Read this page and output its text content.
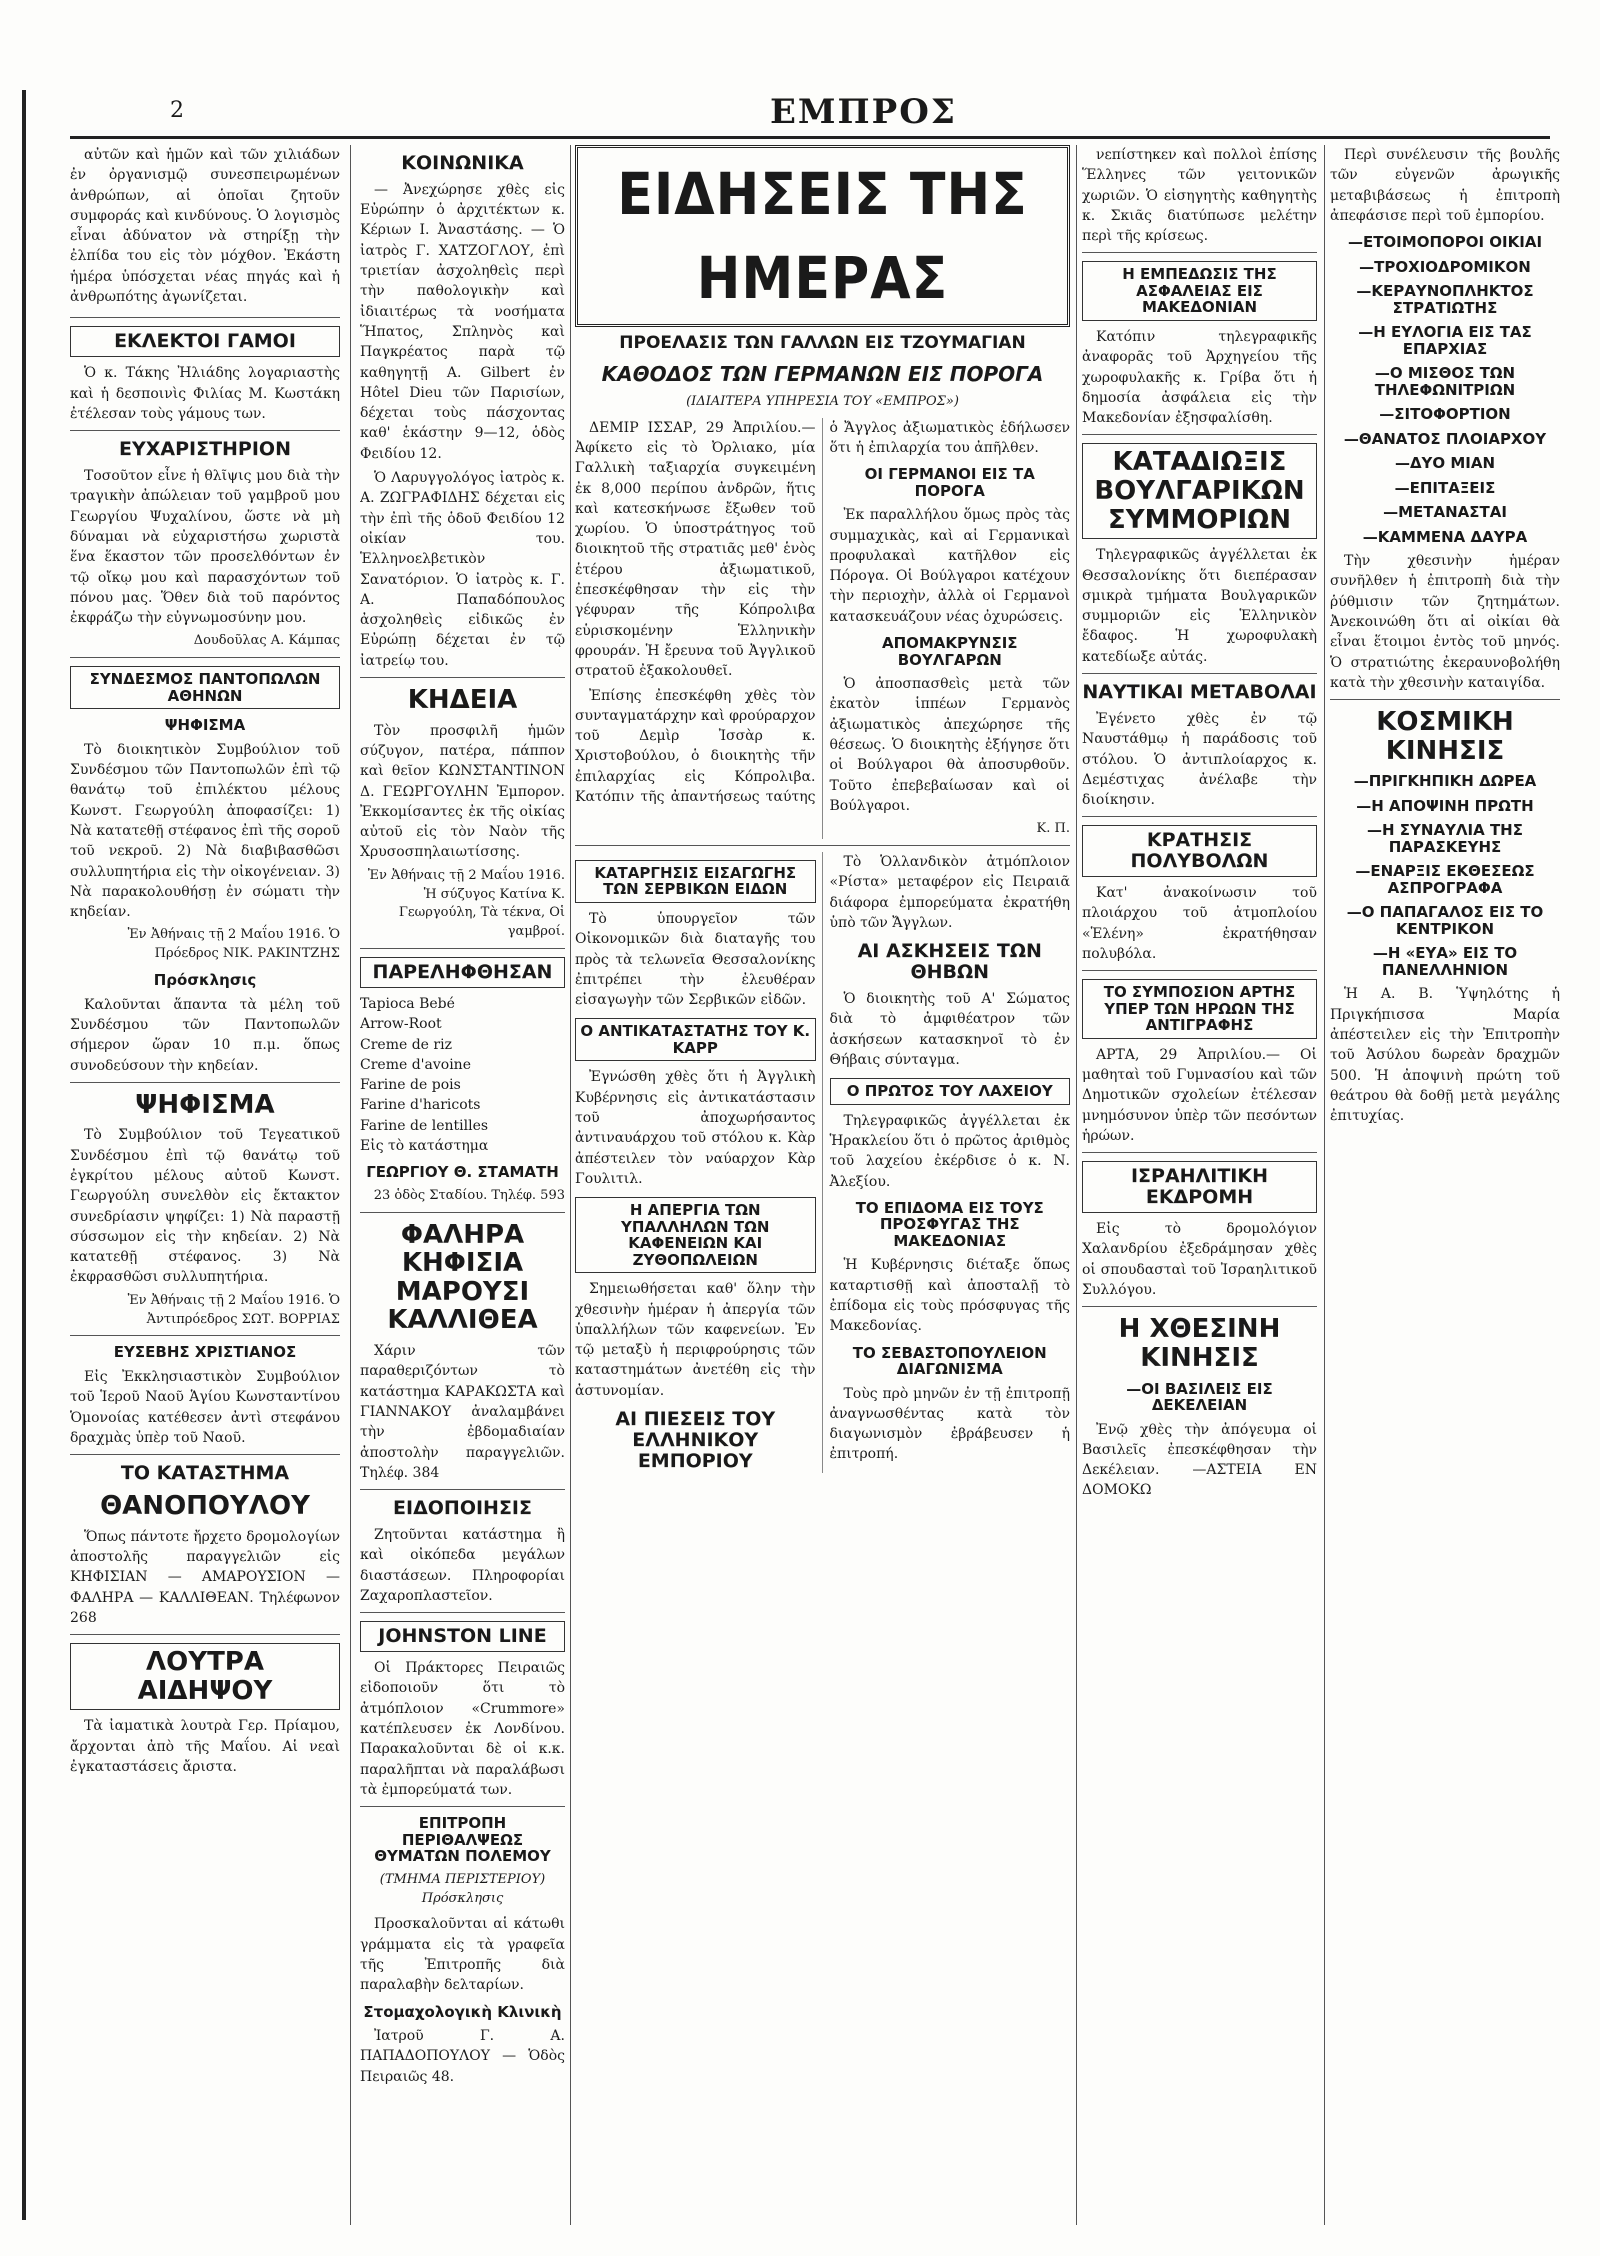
2	ΕΜΠΡΟΣ

αὐτῶν καὶ ἡμῶν καὶ τῶν χιλιάδων ἐν ὀργανισμῷ συνεσπειρωμένων ἀνθρώπων, αἱ ὁποῖαι ζητοῦν συμφοράς καὶ κινδύνους. Ὁ λογισμὸς εἶναι ἀδύνατον νὰ στηρίξῃ τὴν ἐλπίδα του εἰς τὸν μόχθον. Ἐκάστη ἡμέρα ὑπόσχεται νέας πηγάς καὶ ἡ ἀνθρωπότης ἀγωνίζεται.

ΕΚΛΕΚΤΟΙ ΓΑΜΟΙ

Ὁ κ. Τάκης Ἠλιάδης λογαριαστὴς καὶ ἡ δεσποινὶς Φιλίας Μ. Κωστάκη ἐτέλεσαν τοὺς γάμους των.

ΕΥΧΑΡΙΣΤΗΡΙΟΝ

Τοσοῦτον εἶνε ἡ θλῖψις μου διὰ τὴν τραγικὴν ἀπώλειαν τοῦ γαμβροῦ μου Γεωργίου Ψυχαλίνου, ὥστε νὰ μὴ δύναμαι νὰ εὐχαριστήσω χωριστὰ ἕνα ἕκαστον τῶν προσελθόντων ἐν τῷ οἴκῳ μου καὶ παρασχόντων τοῦ πόνου μας. Ὅθεν διὰ τοῦ παρόντος ἐκφράζω τὴν εὐγνωμοσύνην μου.

Δουδοῦλας Α. Κάμπας
ΣΥΝΔΕΣΜΟΣ ΠΑΝΤΟΠΩΛΩΝ ΑΘΗΝΩΝ
ΨΗΦΙΣΜΑ

Τὸ διοικητικὸν Συμβούλιον τοῦ Συνδέσμου τῶν Παντοπωλῶν ἐπὶ τῷ θανάτῳ τοῦ ἐπιλέκτου μέλους Κωνστ. Γεωργούλη ἀποφασίζει: 1) Νὰ κατατεθῇ στέφανος ἐπὶ τῆς σοροῦ τοῦ νεκροῦ. 2) Νὰ διαβιβασθῶσι συλλυπητήρια εἰς τὴν οἰκογένειαν. 3) Νὰ παρακολουθήσῃ ἐν σώματι τὴν κηδείαν.

Ἐν Ἀθήναις τῇ 2 Μαΐου 1916. Ὁ Πρόεδρος ΝΙΚ. ΡΑΚΙΝΤΖΗΣ
Πρόσκλησις

Καλοῦνται ἅπαντα τὰ μέλη τοῦ Συνδέσμου τῶν Παντοπωλῶν σήμερον ὥραν 10 π.μ. ὅπως συνοδεύσουν τὴν κηδείαν.

ΨΗΦΙΣΜΑ

Τὸ Συμβούλιον τοῦ Τεγεατικοῦ Συνδέσμου ἐπὶ τῷ θανάτῳ τοῦ ἐγκρίτου μέλους αὐτοῦ Κωνστ. Γεωργούλη συνελθὸν εἰς ἔκτακτον συνεδρίασιν ψηφίζει: 1) Νὰ παραστῇ σύσσωμον εἰς τὴν κηδείαν. 2) Νὰ κατατεθῇ στέφανος. 3) Νὰ ἐκφρασθῶσι συλλυπητήρια.

Ἐν Ἀθήναις τῇ 2 Μαΐου 1916. Ὁ Ἀντιπρόεδρος ΣΩΤ. ΒΟΡΡΙΑΣ
ΕΥΣΕΒΗΣ ΧΡΙΣΤΙΑΝΟΣ

Εἰς Ἐκκλησιαστικὸν Συμβούλιον τοῦ Ἱεροῦ Ναοῦ Ἁγίου Κωνσταντίνου Ὁμονοίας κατέθεσεν ἀντὶ στεφάνου δραχμὰς ὑπὲρ τοῦ Ναοῦ.

ΤΟ ΚΑΤΑΣΤΗΜΑ
ΘΑΝΟΠΟΥΛΟΥ

Ὅπως πάντοτε ἤρχετο δρομολογίων ἀποστολῆς παραγγελιῶν εἰς ΚΗΦΙΣΙΑΝ — ΑΜΑΡΟΥΣΙΟΝ — ΦΑΛΗΡΑ — ΚΑΛΛΙΘΕΑΝ. Τηλέφωνον 268

ΛΟΥΤΡΑ ΑΙΔΗΨΟΥ

Τὰ ἰαματικὰ λουτρὰ Γερ. Πρίαμου, ἄρχονται ἀπὸ τῆς Μαΐου. Αἱ νεαὶ ἐγκαταστάσεις ἄριστα.

ΚΟΙΝΩΝΙΚΑ

— Ἀνεχώρησε χθὲς εἰς Εὐρώπην ὁ ἀρχιτέκτων κ. Κέριων Ι. Ἀναστάσης. — Ὁ ἰατρὸς Γ. ΧΑΤΖΟΓΛΟΥ, ἐπὶ τριετίαν ἀσχοληθεὶς περὶ τὴν παθολογικὴν καὶ ἰδιαιτέρως τὰ νοσήματα Ἥπατος, Σπληνὸς καὶ Παγκρέατος παρὰ τῷ καθηγητῇ A. Gilbert ἐν Hôtel Dieu τῶν Παρισίων, δέχεται τοὺς πάσχοντας καθ' ἑκάστην 9—12, ὁδὸς Φειδίου 12.

Ὁ Λαρυγγολόγος ἰατρὸς κ. Α. ΖΩΓΡΑΦΙΔΗΣ δέχεται εἰς τὴν ἐπὶ τῆς ὁδοῦ Φειδίου 12 οἰκίαν του. Ἑλληνοελβετικὸν Σανατόριον. Ὁ ἰατρὸς κ. Γ. Α. Παπαδόπουλος ἀσχοληθεὶς εἰδικῶς ἐν Εὐρώπῃ δέχεται ἐν τῷ ἰατρείῳ του.

ΚΗΔΕΙΑ

Τὸν προσφιλῆ ἡμῶν σύζυγον, πατέρα, πάππον καὶ θεῖον ΚΩΝΣΤΑΝΤΙΝΟΝ Δ. ΓΕΩΡΓΟΥΛΗΝ Ἐμπορον. Ἐκκομίσαντες ἐκ τῆς οἰκίας αὐτοῦ εἰς τὸν Ναὸν τῆς Χρυσοσπηλαιωτίσσης.

Ἐν Ἀθήναις τῇ 2 Μαΐου 1916. Ἡ σύζυγος Κατίνα Κ. Γεωργούλη, Τὰ τέκνα, Οἱ γαμβροί.
ΠΑΡΕΛΗΦΘΗΣΑΝ
Tapioca Bebé
Arrow-Root
Creme de riz
Creme d'avoine
Farine de pois
Farine d'haricots
Farine de lentilles
Εἰς τὸ κατάστημα
ΓΕΩΡΓΙΟΥ Θ. ΣΤΑΜΑΤΗ
23 ὁδὸς Σταδίου. Τηλέφ. 593
ΦΑΛΗΡΑ ΚΗΦΙΣΙΑ ΜΑΡΟΥΣΙ ΚΑΛΛΙΘΕΑ

Χάριν τῶν παραθεριζόντων τὸ κατάστημα ΚΑΡΑΚΩΣΤΑ καὶ ΓΙΑΝΝΑΚΟΥ ἀναλαμβάνει τὴν ἐβδομαδιαίαν ἀποστολὴν παραγγελιῶν. Τηλέφ. 384

ΕΙΔΟΠΟΙΗΣΙΣ

Ζητοῦνται κατάστημα ἢ καὶ οἰκόπεδα μεγάλων διαστάσεων. Πληροφορίαι Ζαχαροπλαστεῖον.

JOHNSTON LINE

Οἱ Πράκτορες Πειραιῶς εἰδοποιοῦν ὅτι τὸ ἀτμόπλοιον «Crummore» κατέπλευσεν ἐκ Λονδίνου. Παρακαλοῦνται δὲ οἱ κ.κ. παραλῆπται νὰ παραλάβωσι τὰ ἐμπορεύματά των.

ΕΠΙΤΡΟΠΗ ΠΕΡΙΘΑΛΨΕΩΣ ΘΥΜΑΤΩΝ ΠΟΛΕΜΟΥ
(ΤΜΗΜΑ ΠΕΡΙΣΤΕΡΙΟΥ) Πρόσκλησις

Προσκαλοῦνται αἱ κάτωθι γράμματα εἰς τὰ γραφεῖα τῆς Ἐπιτροπῆς διὰ παραλαβὴν δελταρίων.

Στομαχολογικὴ Κλινικὴ

Ἰατροῦ Γ. Α. ΠΑΠΑΔΟΠΟΥΛΟΥ — Ὁδὸς Πειραιῶς 48.

ΕΙΔΗΣΕΙΣ ΤΗΣ ΗΜΕΡΑΣ
ΠΡΟΕΛΑΣΙΣ ΤΩΝ ΓΑΛΛΩΝ ΕΙΣ ΤΖΟΥΜΑΓΙΑΝ
ΚΑΘΟΔΟΣ ΤΩΝ ΓΕΡΜΑΝΩΝ ΕΙΣ ΠΟΡΟΓΑ
(ΙΔΙΑΙΤΕΡΑ ΥΠΗΡΕΣΙΑ ΤΟΥ «ΕΜΠΡΟΣ»)

ΔΕΜΙΡ ΙΣΣΑΡ, 29 Ἀπριλίου.—Ἀφίκετο εἰς τὸ Ὀρλιακο, μία Γαλλικὴ ταξιαρχία συγκειμένη ἐκ 8,000 περίπου ἀνδρῶν, ἥτις καὶ κατεσκήνωσε ἔξωθεν τοῦ χωρίου. Ὁ ὑποστράτηγος τοῦ διοικητοῦ τῆς στρατιᾶς μεθ' ἑνὸς ἑτέρου ἀξιωματικοῦ, ἐπεσκέφθησαν τὴν εἰς τὴν γέφυραν τῆς Κόπρολιβα εὑρισκομένην Ἑλληνικὴν φρουράν. Ἡ ἔρευνα τοῦ Ἀγγλικοῦ στρατοῦ ἐξακολουθεῖ.

Ἐπίσης ἐπεσκέφθη χθὲς τὸν συνταγματάρχην καὶ φρούραρχον τοῦ Δεμὶρ Ἰσσὰρ κ. Χριστοβούλου, ὁ διοικητὴς τῆν ἐπιλαρχίας εἰς Κόπρολιβα. Κατόπιν τῆς ἀπαντήσεως ταύτης ὁ Ἄγγλος ἀξιωματικὸς ἐδήλωσεν ὅτι ἡ ἐπιλαρχία του ἀπῆλθεν.

ΟΙ ΓΕΡΜΑΝΟΙ ΕΙΣ ΤΑ ΠΟΡΟΓΑ

Ἐκ παραλλήλου ὅμως πρὸς τὰς συμμαχικὰς, καὶ αἱ Γερμανικαὶ προφυλακαὶ κατῆλθον εἰς Πόρογα. Οἱ Βούλγαροι κατέχουν τὴν περιοχὴν, ἀλλὰ οἱ Γερμανοὶ κατασκευάζουν νέας ὀχυρώσεις.

ΑΠΟΜΑΚΡΥΝΣΙΣ ΒΟΥΛΓΑΡΩΝ

Ὁ ἀποσπασθεὶς μετὰ τῶν ἐκατὸν ἱππέων Γερμανὸς ἀξιωματικὸς ἀπεχώρησε τῆς θέσεως. Ὁ διοικητὴς ἐξήγησε ὅτι οἱ Βούλγαροι θὰ ἀποσυρθοῦν. Τοῦτο ἐπεβεβαίωσαν καὶ οἱ Βούλγαροι.

Κ. Π.
ΚΑΤΑΡΓΗΣΙΣ ΕΙΣΑΓΩΓΗΣ ΤΩΝ ΣΕΡΒΙΚΩΝ ΕΙΔΩΝ

Τὸ ὑπουργεῖον τῶν Οἰκονομικῶν διὰ διαταγῆς του πρὸς τὰ τελωνεῖα Θεσσαλονίκης ἐπιτρέπει τὴν ἐλευθέραν εἰσαγωγὴν τῶν Σερβικῶν εἰδῶν.

Ο ΑΝΤΙΚΑΤΑΣΤΑΤΗΣ ΤΟΥ Κ. ΚΑΡΡ

Ἐγνώσθη χθὲς ὅτι ἡ Ἀγγλικὴ Κυβέρνησις εἰς ἀντικατάστασιν τοῦ ἀποχωρήσαντος ἀντιναυάρχου τοῦ στόλου κ. Κὰρ ἀπέστειλεν τὸν ναύαρχον Κὰρ Γουλιτιλ.

Η ΑΠΕΡΓΙΑ ΤΩΝ ΥΠΑΛΛΗΛΩΝ ΤΩΝ ΚΑΦΕΝΕΙΩΝ ΚΑΙ ΖΥΘΟΠΩΛΕΙΩΝ

Σημειωθήσεται καθ' ὅλην τὴν χθεσινὴν ἡμέραν ἡ ἀπεργία τῶν ὑπαλλήλων τῶν καφενείων. Ἐν τῷ μεταξὺ ἡ περιφρούρησις τῶν καταστημάτων ἀνετέθη εἰς τὴν ἀστυνομίαν.

ΑΙ ΠΙΕΣΕΙΣ ΤΟΥ ΕΛΛΗΝΙΚΟΥ ΕΜΠΟΡΙΟΥ

Τὸ Ὁλλανδικὸν ἀτμόπλοιον «Ρίστα» μεταφέρον εἰς Πειραιᾶ διάφορα ἐμπορεύματα ἐκρατήθη ὑπὸ τῶν Ἄγγλων.

ΑΙ ΑΣΚΗΣΕΙΣ ΤΩΝ ΘΗΒΩΝ

Ὁ διοικητὴς τοῦ Α' Σώματος διὰ τὸ ἀμφιθέατρον τῶν ἀσκήσεων κατασκηνοῖ τὸ ἐν Θήβαις σύνταγμα.

Ο ΠΡΩΤΟΣ ΤΟΥ ΛΑΧΕΙΟΥ

Τηλεγραφικῶς ἀγγέλλεται ἐκ Ἡρακλείου ὅτι ὁ πρῶτος ἀριθμὸς τοῦ λαχείου ἐκέρδισε ὁ κ. Ν. Ἀλεξίου.

ΤΟ ΕΠΙΔΟΜΑ ΕΙΣ ΤΟΥΣ ΠΡΟΣΦΥΓΑΣ ΤΗΣ ΜΑΚΕΔΟΝΙΑΣ

Ἡ Κυβέρνησις διέταξε ὅπως καταρτισθῇ καὶ ἀποσταλῇ τὸ ἐπίδομα εἰς τοὺς πρόσφυγας τῆς Μακεδονίας.

ΤΟ ΣΕΒΑΣΤΟΠΟΥΛΕΙΟΝ ΔΙΑΓΩΝΙΣΜΑ

Τοὺς πρὸ μηνῶν ἐν τῇ ἐπιτροπῇ ἀναγνωσθέντας κατὰ τὸν διαγωνισμὸν ἐβράβευσεν ἡ ἐπιτροπή.

νεπίστηκεν καὶ πολλοὶ ἐπίσης Ἕλληνες τῶν γειτονικῶν χωριῶν. Ὁ εἰσηγητὴς καθηγητὴς κ. Σκιᾶς διατύπωσε μελέτην περὶ τῆς κρίσεως.

Η ΕΜΠΕΔΩΣΙΣ ΤΗΣ ΑΣΦΑΛΕΙΑΣ ΕΙΣ ΜΑΚΕΔΟΝΙΑΝ

Κατόπιν τηλεγραφικῆς ἀναφορᾶς τοῦ Ἀρχηγείου τῆς χωροφυλακῆς κ. Γρίβα ὅτι ἡ δημοσία ἀσφάλεια εἰς τὴν Μακεδονίαν ἐξησφαλίσθη.

ΚΑΤΑΔΙΩΞΙΣ ΒΟΥΛΓΑΡΙΚΩΝ ΣΥΜΜΟΡΙΩΝ

Τηλεγραφικῶς ἀγγέλλεται ἐκ Θεσσαλονίκης ὅτι διεπέρασαν σμικρὰ τμήματα Βουλγαρικῶν συμμοριῶν εἰς Ἑλληνικὸν ἔδαφος. Ἡ χωροφυλακὴ κατεδίωξε αὐτάς.

ΝΑΥΤΙΚΑΙ ΜΕΤΑΒΟΛΑΙ

Ἐγένετο χθὲς ἐν τῷ Ναυστάθμῳ ἡ παράδοσις τοῦ στόλου. Ὁ ἀντιπλοίαρχος κ. Δεμέστιχας ἀνέλαβε τὴν διοίκησιν.

ΚΡΑΤΗΣΙΣ ΠΟΛΥΒΟΛΩΝ

Κατ' ἀνακοίνωσιν τοῦ πλοιάρχου τοῦ ἀτμοπλοίου «Ἑλένη» ἐκρατήθησαν πολυβόλα.

ΤΟ ΣΥΜΠΟΣΙΟΝ ΑΡΤΗΣ ΥΠΕΡ ΤΩΝ ΗΡΩΩΝ ΤΗΣ ΑΝΤΙΓΡΑΦΗΣ

ΑΡΤΑ, 29 Ἀπριλίου.— Οἱ μαθηταὶ τοῦ Γυμνασίου καὶ τῶν Δημοτικῶν σχολείων ἐτέλεσαν μνημόσυνον ὑπὲρ τῶν πεσόντων ἡρώων.

ΙΣΡΑΗΛΙΤΙΚΗ ΕΚΔΡΟΜΗ

Εἰς τὸ δρομολόγιον Χαλανδρίου ἐξεδράμησαν χθὲς οἱ σπουδασταὶ τοῦ Ἰσραηλιτικοῦ Συλλόγου.

Η ΧΘΕΣΙΝΗ ΚΙΝΗΣΙΣ
—ΟΙ ΒΑΣΙΛΕΙΣ ΕΙΣ ΔΕΚΕΛΕΙΑΝ

Ἐνῷ χθὲς τὴν ἀπόγευμα οἱ Βασιλεῖς ἐπεσκέφθησαν τὴν Δεκέλειαν. —ΑΣΤΕΙΑ ΕΝ ΔΟΜΟΚΩ

Περὶ συνέλευσιν τῆς βουλῆς τῶν εὐγενῶν ἀρωγικῆς μεταβιβάσεως ἡ ἐπιτροπὴ ἀπεφάσισε περὶ τοῦ ἐμπορίου.

—ΕΤΟΙΜΟΠΟΡΟΙ ΟΙΚΙΑΙ
—ΤΡΟΧΙΟΔΡΟΜΙΚΟΝ
—ΚΕΡΑΥΝΟΠΛΗΚΤΟΣ ΣΤΡΑΤΙΩΤΗΣ
—Η ΕΥΛΟΓΙΑ ΕΙΣ ΤΑΣ ΕΠΑΡΧΙΑΣ
—Ο ΜΙΣΘΟΣ ΤΩΝ ΤΗΛΕΦΩΝΙΤΡΙΩΝ
—ΣΙΤΟΦΟΡΤΙΟΝ
—ΘΑΝΑΤΟΣ ΠΛΟΙΑΡΧΟΥ
—ΔΥΟ ΜΙΑΝ
—ΕΠΙΤΑΞΕΙΣ
—ΜΕΤΑΝΑΣΤΑΙ
—ΚΑΜΜΕΝΑ ΔΑΥΡΑ

Τὴν χθεσινὴν ἡμέραν συνῆλθεν ἡ ἐπιτροπὴ διὰ τὴν ῥύθμισιν τῶν ζητημάτων. Ἀνεκοινώθη ὅτι αἱ οἰκίαι θὰ εἶναι ἕτοιμοι ἐντὸς τοῦ μηνός. Ὁ στρατιώτης ἐκεραυνοβολήθη κατὰ τὴν χθεσινὴν καταιγίδα.

ΚΟΣΜΙΚΗ ΚΙΝΗΣΙΣ
—ΠΡΙΓΚΗΠΙΚΗ ΔΩΡΕΑ
—Η ΑΠΟΨΙΝΗ ΠΡΩΤΗ
—Η ΣΥΝΑΥΛΙΑ ΤΗΣ ΠΑΡΑΣΚΕΥΗΣ
—ΕΝΑΡΞΙΣ ΕΚΘΕΣΕΩΣ ΑΣΠΡΟΓΡΑΦΑ
—Ο ΠΑΠΑΓΑΛΟΣ ΕΙΣ ΤΟ ΚΕΝΤΡΙΚΟΝ
—Η «ΕΥΑ» ΕΙΣ ΤΟ ΠΑΝΕΛΛΗΝΙΟΝ

Ἡ Α. Β. Ὑψηλότης ἡ Πριγκήπισσα Μαρία ἀπέστειλεν εἰς τὴν Ἐπιτροπὴν τοῦ Ἀσύλου δωρεὰν δραχμῶν 500. Ἡ ἀποψινὴ πρώτη τοῦ θεάτρου θὰ δοθῇ μετὰ μεγάλης ἐπιτυχίας.
